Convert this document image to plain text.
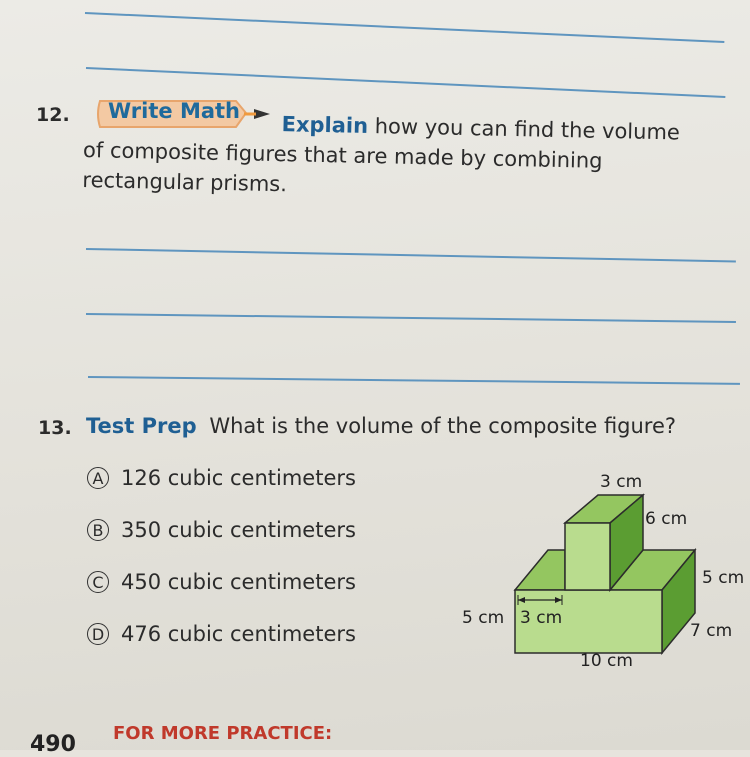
12. Write Math
Explain how you can find the volume of composite figures that are made by combining rectangular prisms.
13. Test Prep What is the volume of the composite figure?
A 126 cubic centimeters
B 350 cubic centimeters
C 450 cubic centimeters
D 476 cubic centimeters
3 cm
6 cm
5 cm
5 cm 3 cm
7 cm
10 cm
490 FOR MORE PRACTICE:
